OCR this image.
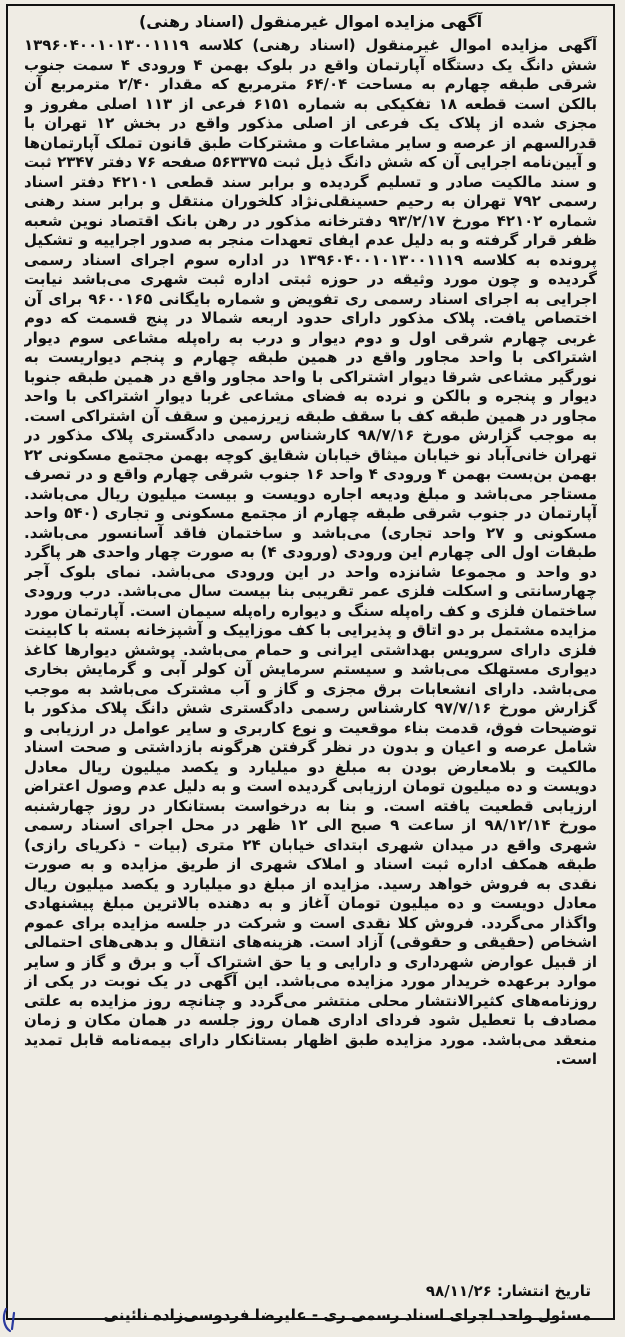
آگهی مزایده اموال غیرمنقول (اسناد رهنی)
آگهی مزایده اموال غیرمنقول (اسناد رهنی) کلاسه ۱۳۹۶۰۴۰۰۱۰۱۳۰۰۱۱۱۹ شش دانگ یک دستگاه آپارتمان واقع در بلوک بهمن ۴ ورودی ۴ سمت جنوب شرقی طبقه چهارم به مساحت ۶۴/۰۴ مترمربع که مقدار ۲/۴۰ مترمربع آن بالکن است قطعه ۱۸ تفکیکی به شماره ۶۱۵۱ فرعی از ۱۱۳ اصلی مفروز و مجزی شده از پلاک یک فرعی از اصلی مذکور واقع در بخش ۱۲ تهران با قدرالسهم از عرصه و سایر مشاعات و مشترکات طبق قانون تملک آپارتمان‌ها و آیین‌نامه اجرایی آن که شش دانگ ذیل ثبت ۵۶۳۳۷۵ صفحه ۷۶ دفتر ۲۳۴۷ ثبت و سند مالکیت صادر و تسلیم گردیده و برابر سند قطعی ۴۲۱۰۱ دفتر اسناد رسمی ۷۹۲ تهران به رحیم حسینقلی‌نژاد کلخوران منتقل و برابر سند رهنی شماره ۴۲۱۰۲ مورخ ۹۳/۲/۱۷ دفترخانه مذکور در رهن بانک اقتصاد نوین شعبه ظفر قرار گرفته و به دلیل عدم ایفای تعهدات منجر به صدور اجراییه و تشکیل پرونده به کلاسه ۱۳۹۶۰۴۰۰۱۰۱۳۰۰۱۱۱۹ در اداره سوم اجرای اسناد رسمی گردیده و چون مورد وثیقه در حوزه ثبتی اداره ثبت شهری می‌باشد نیابت اجرایی به اجرای اسناد رسمی ری تفویض و شماره بایگانی ۹۶۰۰۱۶۵ برای آن اختصاص یافت. پلاک مذکور دارای حدود اربعه شمالا در پنج قسمت که دوم غربی چهارم شرقی اول و دوم دیوار و درب به راه‌پله مشاعی سوم دیوار اشتراکی با واحد مجاور واقع در همین طبقه چهارم و پنجم دیواریست به نورگیر مشاعی شرقا دیوار اشتراکی با واحد مجاور واقع در همین طبقه جنوبا دیوار و پنجره و بالکن و نرده به فضای مشاعی غربا دیوار اشتراکی با واحد مجاور در همین طبقه کف با سقف طبقه زیرزمین و سقف آن اشتراکی است. به موجب گزارش مورخ ۹۸/۷/۱۶ کارشناس رسمی دادگستری پلاک مذکور در تهران خانی‌آباد نو خیابان میثاق خیابان شقایق کوچه بهمن مجتمع مسکونی ۲۲ بهمن بن‌بست بهمن ۴ ورودی ۴ واحد ۱۶ جنوب شرقی چهارم واقع و در تصرف مستاجر می‌باشد و مبلغ ودیعه اجاره دویست و بیست میلیون ریال می‌باشد. آپارتمان در جنوب شرقی طبقه چهارم از مجتمع مسکونی و تجاری (۵۴۰ واحد مسکونی و ۲۷ واحد تجاری) می‌باشد و ساختمان فاقد آسانسور می‌باشد. طبقات اول الی چهارم این ورودی (ورودی ۴) به صورت چهار واحدی هر پاگرد دو واحد و مجموعا شانزده واحد در این ورودی می‌باشد. نمای بلوک آجر چهارسانتی و اسکلت فلزی عمر تقریبی بنا بیست سال می‌باشد. درب ورودی ساختمان فلزی و کف راه‌پله سنگ و دیواره راه‌پله سیمان است. آپارتمان مورد مزایده مشتمل بر دو اتاق و پذیرایی با کف موزاییک و آشپزخانه بسته با کابینت فلزی دارای سرویس بهداشتی ایرانی و حمام می‌باشد. پوشش دیوارها کاغذ دیواری مستهلک می‌باشد و سیستم سرمایش آن کولر آبی و گرمایش بخاری می‌باشد. دارای انشعابات برق مجزی و گاز و آب مشترک می‌باشد به موجب گزارش مورخ ۹۷/۷/۱۶ کارشناس رسمی دادگستری شش دانگ پلاک مذکور با توضیحات فوق، قدمت بناء موقعیت و نوع کاربری و سایر عوامل در ارزیابی و شامل عرصه و اعیان و بدون در نظر گرفتن هرگونه بازداشتی و صحت اسناد مالکیت و بلامعارض بودن به مبلغ دو میلیارد و یکصد میلیون ریال معادل دویست و ده میلیون تومان ارزیابی گردیده است و به دلیل عدم وصول اعتراض ارزیابی قطعیت یافته است. و بنا به درخواست بستانکار در روز چهارشنبه مورخ ۹۸/۱۲/۱۴ از ساعت ۹ صبح الی ۱۲ ظهر در محل اجرای اسناد رسمی شهری واقع در میدان شهری ابتدای خیابان ۲۴ متری (بیات - ذکریای رازی) طبقه همکف اداره ثبت اسناد و املاک شهری از طریق مزایده و به صورت نقدی به فروش خواهد رسید. مزایده از مبلغ دو میلیارد و یکصد میلیون ریال معادل دویست و ده میلیون تومان آغاز و به دهنده بالاترین مبلغ پیشنهادی واگذار می‌گردد. فروش کلا نقدی است و شرکت در جلسه مزایده برای عموم اشخاص (حقیقی و حقوقی) آزاد است. هزینه‌های انتقال و بدهی‌های احتمالی از قبیل عوارض شهرداری و دارایی و یا حق اشتراک آب و برق و گاز و سایر موارد برعهده خریدار مورد مزایده می‌باشد. این آگهی در یک نوبت در یکی از روزنامه‌های کثیرالانتشار محلی منتشر می‌گردد و چنانچه روز مزایده به علتی مصادف با تعطیل شود فردای اداری همان روز جلسه در همان مکان و زمان منعقد می‌باشد. مورد مزایده طبق اظهار بستانکار دارای بیمه‌نامه قابل تمدید است.
تاریخ انتشار: ۹۸/۱۱/۲۶
مسئول واحد اجرای اسناد رسمی ری - علیرضا فردوسی‌زاده نائینی
